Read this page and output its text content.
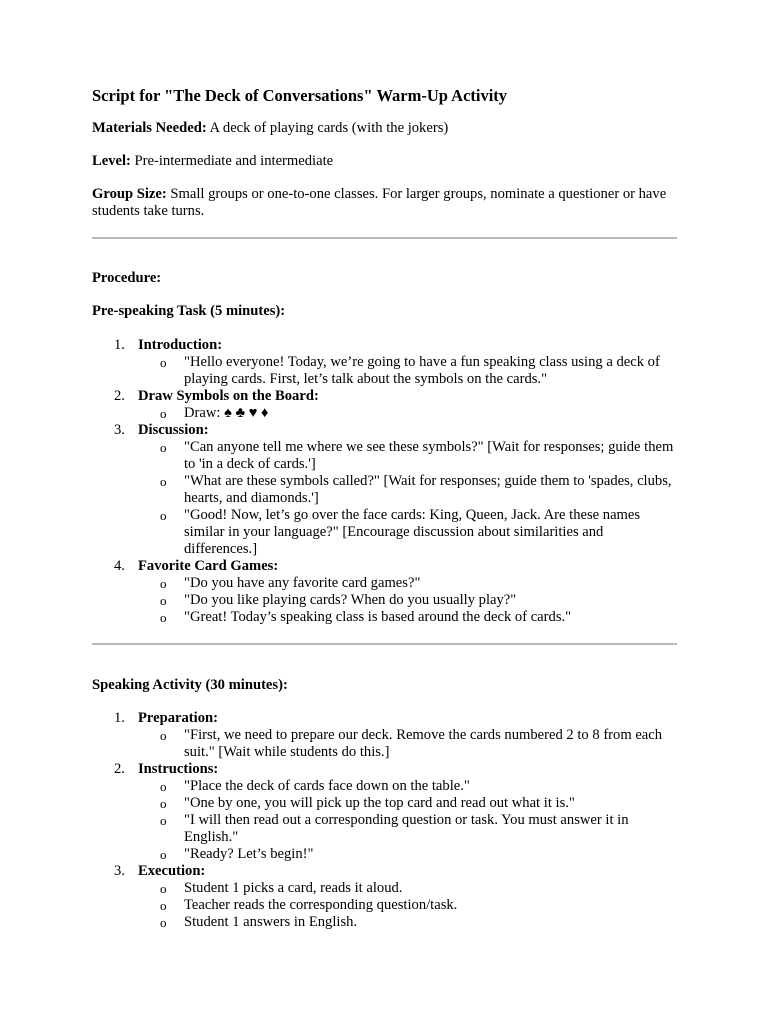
Script for "The Deck of Conversations" Warm-Up Activity

Materials Needed: A deck of playing cards (with the jokers)

Level: Pre-intermediate and intermediate

Group Size: Small groups or one-to-one classes. For larger groups, nominate a questioner or have students take turns.

Procedure:
Pre-speaking Task (5 minutes):
1. Introduction:
o "Hello everyone! Today, we’re going to have a fun speaking class using a deck of playing cards. First, let’s talk about the symbols on the cards."
2. Draw Symbols on the Board:
o Draw: ♠ ♣ ♥ ♦
3. Discussion:
o "Can anyone tell me where we see these symbols?" [Wait for responses; guide them to 'in a deck of cards.']
o "What are these symbols called?" [Wait for responses; guide them to 'spades, clubs, hearts, and diamonds.']
o "Good! Now, let’s go over the face cards: King, Queen, Jack. Are these names similar in your language?" [Encourage discussion about similarities and differences.]
4. Favorite Card Games:
o "Do you have any favorite card games?"
o "Do you like playing cards? When do you usually play?"
o "Great! Today’s speaking class is based around the deck of cards."
Speaking Activity (30 minutes):
1. Preparation:
o "First, we need to prepare our deck. Remove the cards numbered 2 to 8 from each suit." [Wait while students do this.]
2. Instructions:
o "Place the deck of cards face down on the table."
o "One by one, you will pick up the top card and read out what it is."
o "I will then read out a corresponding question or task. You must answer it in English."
o "Ready? Let’s begin!"
3. Execution:
o Student 1 picks a card, reads it aloud.
o Teacher reads the corresponding question/task.
o Student 1 answers in English.
